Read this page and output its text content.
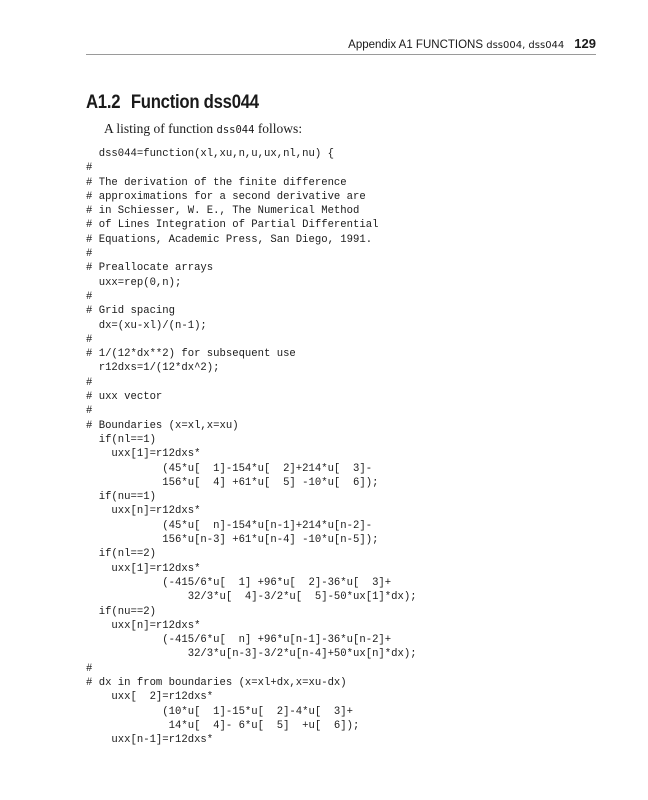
Appendix A1 FUNCTIONS dss004, dss044 129
A1.2 Function dss044

A listing of function dss044 follows:

dss044=function(xl,xu,n,u,ux,nl,nu) {
#
# The derivation of the finite difference
# approximations for a second derivative are
# in Schiesser, W. E., The Numerical Method
# of Lines Integration of Partial Differential
# Equations, Academic Press, San Diego, 1991.
#
# Preallocate arrays
uxx=rep(0,n);
#
# Grid spacing
dx=(xu-xl)/(n-1);
#
# 1/(12*dx**2) for subsequent use
r12dxs=1/(12*dx^2);
#
# uxx vector
#
# Boundaries (x=xl,x=xu)
if(nl==1)
uxx[1]=r12dxs*
(45*u[  1]-154*u[  2]+214*u[  3]-
156*u[  4] +61*u[  5] -10*u[  6]);
if(nu==1)
uxx[n]=r12dxs*
(45*u[  n]-154*u[n-1]+214*u[n-2]-
156*u[n-3] +61*u[n-4] -10*u[n-5]);
if(nl==2)
uxx[1]=r12dxs*
(-415/6*u[  1] +96*u[  2]-36*u[  3]+
32/3*u[  4]-3/2*u[  5]-50*ux[1]*dx);
if(nu==2)
uxx[n]=r12dxs*
(-415/6*u[  n] +96*u[n-1]-36*u[n-2]+
32/3*u[n-3]-3/2*u[n-4]+50*ux[n]*dx);
#
# dx in from boundaries (x=xl+dx,x=xu-dx)
uxx[  2]=r12dxs*
(10*u[  1]-15*u[  2]-4*u[  3]+
14*u[  4]- 6*u[  5]  +u[  6]);
uxx[n-1]=r12dxs*
